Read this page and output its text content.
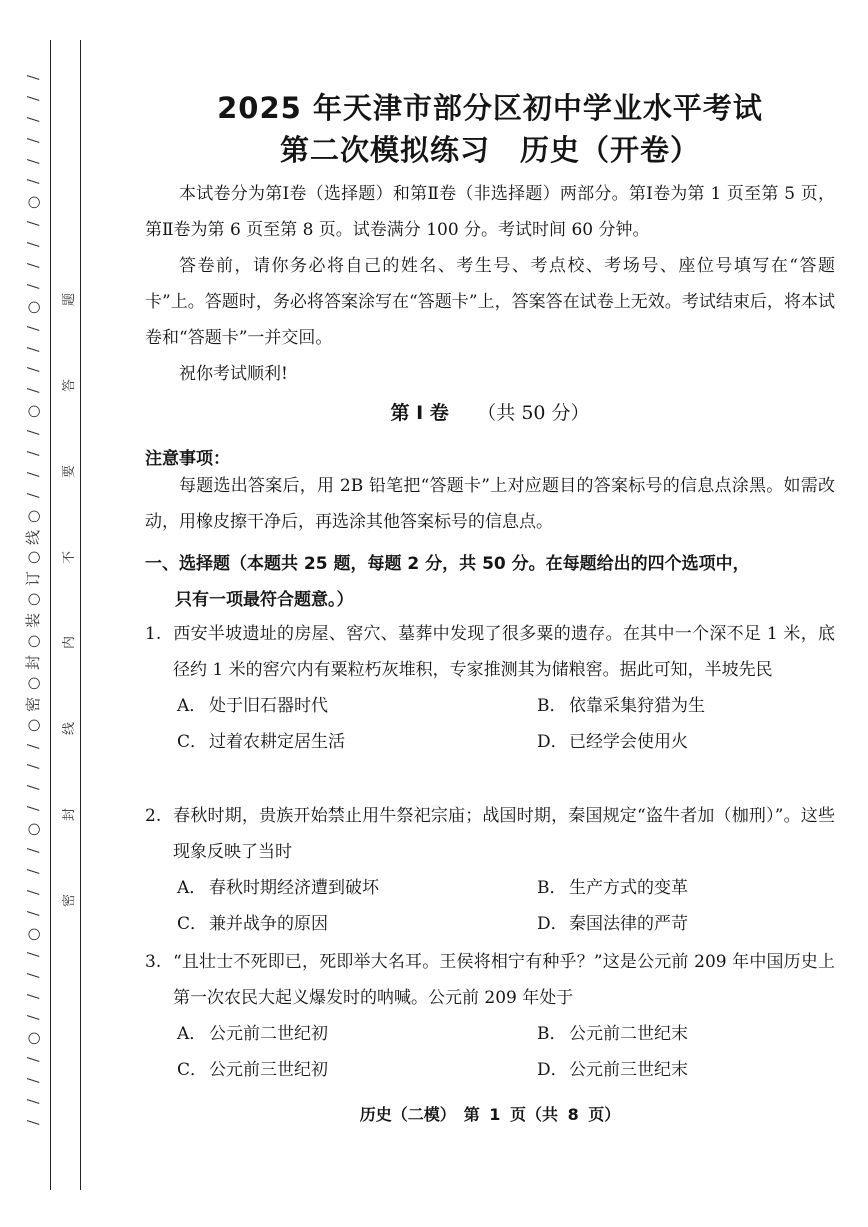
/
/
/
/
/
/
○
/
/
/
/
○
/
/
/
/
○
/
/
/
/
○
线
○
订
○
装
○
封
○
密
○
/
/
/
/
○
/
/
/
/
○
/
/
/
/
○
/
/
/
/
题
答
要
不
内
线
封
密
2025 年天津市部分区初中学业水平考试
第二次模拟练习　历史（开卷）

本试卷分为第Ⅰ卷（选择题）和第Ⅱ卷（非选择题）两部分。第Ⅰ卷为第 1 页至第 5 页，第Ⅱ卷为第 6 页至第 8 页。试卷满分 100 分。考试时间 60 分钟。

答卷前，请你务必将自己的姓名、考生号、考点校、考场号、座位号填写在“答题卡”上。答题时，务必将答案涂写在“答题卡”上，答案答在试卷上无效。考试结束后，将本试卷和“答题卡”一并交回。

祝你考试顺利!

第 Ⅰ 卷　　 （共 50 分）

注意事项：

每题选出答案后，用 2B 铅笔把“答题卡”上对应题目的答案标号的信息点涂黑。如需改动，用橡皮擦干净后，再选涂其他答案标号的信息点。

一、选择题（本题共 25 题，每题 2 分，共 50 分。在每题给出的四个选项中，
只有一项最符合题意。）

1. 西安半坡遗址的房屋、窖穴、墓葬中发现了很多粟的遗存。在其中一个深不足 1 米，底径约 1 米的窖穴内有粟粒朽灰堆积，专家推测其为储粮窖。据此可知，半坡先民

A． 处于旧石器时代	B． 依靠采集狩猎为生
C． 过着农耕定居生活	D．已经学会使用火

2. 春秋时期，贵族开始禁止用牛祭祀宗庙；战国时期，秦国规定“盗牛者加（枷刑）”。这些现象反映了当时

A． 春秋时期经济遭到破坏	B． 生产方式的变革
C． 兼并战争的原因	D．秦国法律的严苛

3. “且壮士不死即已，死即举大名耳。王侯将相宁有种乎？”这是公元前 209 年中国历史上第一次农民大起义爆发时的呐喊。公元前 209 年处于

A． 公元前二世纪初	B． 公元前二世纪末
C． 公元前三世纪初	D．公元前三世纪末

历史（二模）　 第 1 页（共 8 页）
